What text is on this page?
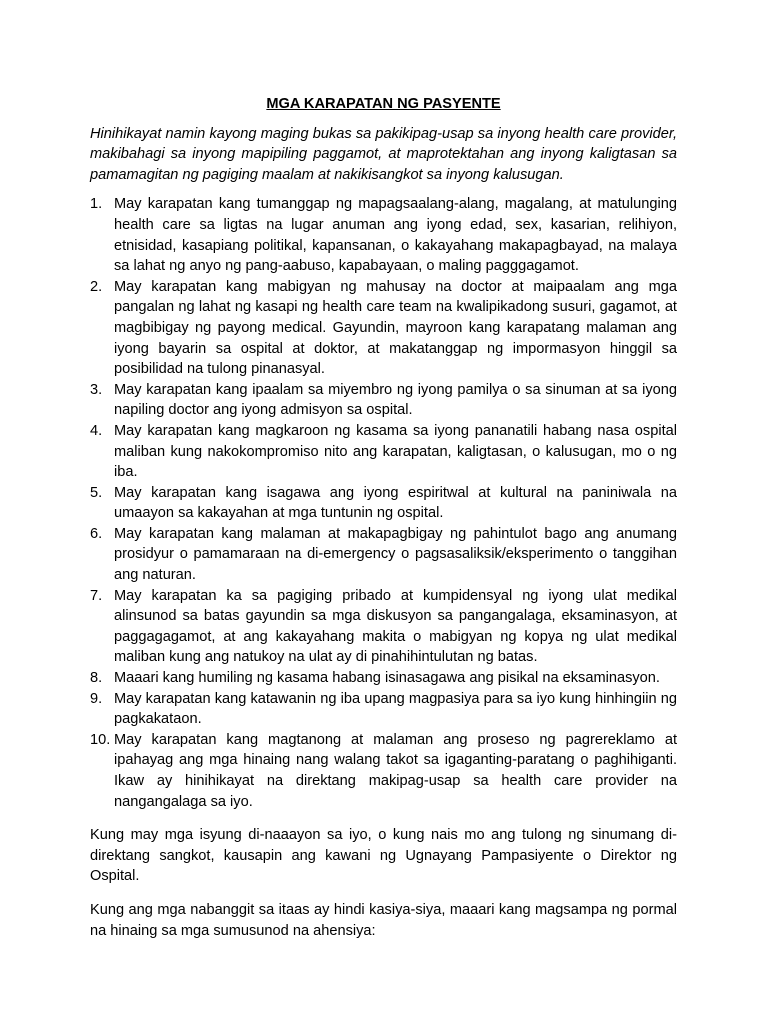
MGA KARAPATAN NG PASYENTE
Hinihikayat namin kayong maging bukas sa pakikipag-usap sa inyong health care provider, makibahagi sa inyong mapipiling paggamot, at maprotektahan ang inyong kaligtasan sa pamamagitan ng pagiging maalam at nakikisangkot sa inyong kalusugan.
1. May karapatan kang tumanggap ng mapagsaalang-alang, magalang, at matulunging health care sa ligtas na lugar anuman ang iyong edad, sex, kasarian, relihiyon, etnisidad, kasapiang politikal, kapansanan, o kakayahang makapagbayad, na malaya sa lahat ng anyo ng pang-aabuso, kapabayaan, o maling pagggagamot.
2. May karapatan kang mabigyan ng mahusay na doctor at maipaalam ang mga pangalan ng lahat ng kasapi ng health care team na kwalipikadong susuri, gagamot, at magbibigay ng payong medical. Gayundin, mayroon kang karapatang malaman ang iyong bayarin sa ospital at doktor, at makatanggap ng impormasyon hinggil sa posibilidad na tulong pinanasyal.
3. May karapatan kang ipaalam sa miyembro ng iyong pamilya o sa sinuman at sa iyong napiling doctor ang iyong admisyon sa ospital.
4. May karapatan kang magkaroon ng kasama sa iyong pananatili habang nasa ospital maliban kung nakokompromiso nito ang karapatan, kaligtasan, o kalusugan, mo o ng iba.
5. May karapatan kang isagawa ang iyong espiritwal at kultural na paniniwala na umaayon sa kakayahan at mga tuntunin ng ospital.
6. May karapatan kang malaman at makapagbigay ng pahintulot bago ang anumang prosidyur o pamamaraan na di-emergency o pagsasaliksik/eksperimento o tanggihan ang naturan.
7. May karapatan ka sa pagiging pribado at kumpidensyal ng iyong ulat medikal alinsunod sa batas gayundin sa mga diskusyon sa pangangalaga, eksaminasyon, at paggagagamot, at ang kakayahang makita o mabigyan ng kopya ng ulat medikal maliban kung ang natukoy na ulat ay di pinahihintulutan ng batas.
8. Maaari kang humiling ng kasama habang isinasagawa ang pisikal na eksaminasyon.
9. May karapatan kang katawanin ng iba upang magpasiya para sa iyo kung hinhingiin ng pagkakataon.
10. May karapatan kang magtanong at malaman ang proseso ng pagrereklamo at ipahayag ang mga hinaing nang walang takot sa igaganting-paratang o paghihiganti. Ikaw ay hinihikayat na direktang makipag-usap sa health care provider na nangangalaga sa iyo.
Kung may mga isyung di-naaayon sa iyo, o kung nais mo ang tulong ng sinumang di-direktang sangkot, kausapin ang kawani ng Ugnayang Pampasiyente o Direktor ng Ospital.
Kung ang mga nabanggit sa itaas ay hindi kasiya-siya, maaari kang magsampa ng pormal na hinaing sa mga sumusunod na ahensiya:
